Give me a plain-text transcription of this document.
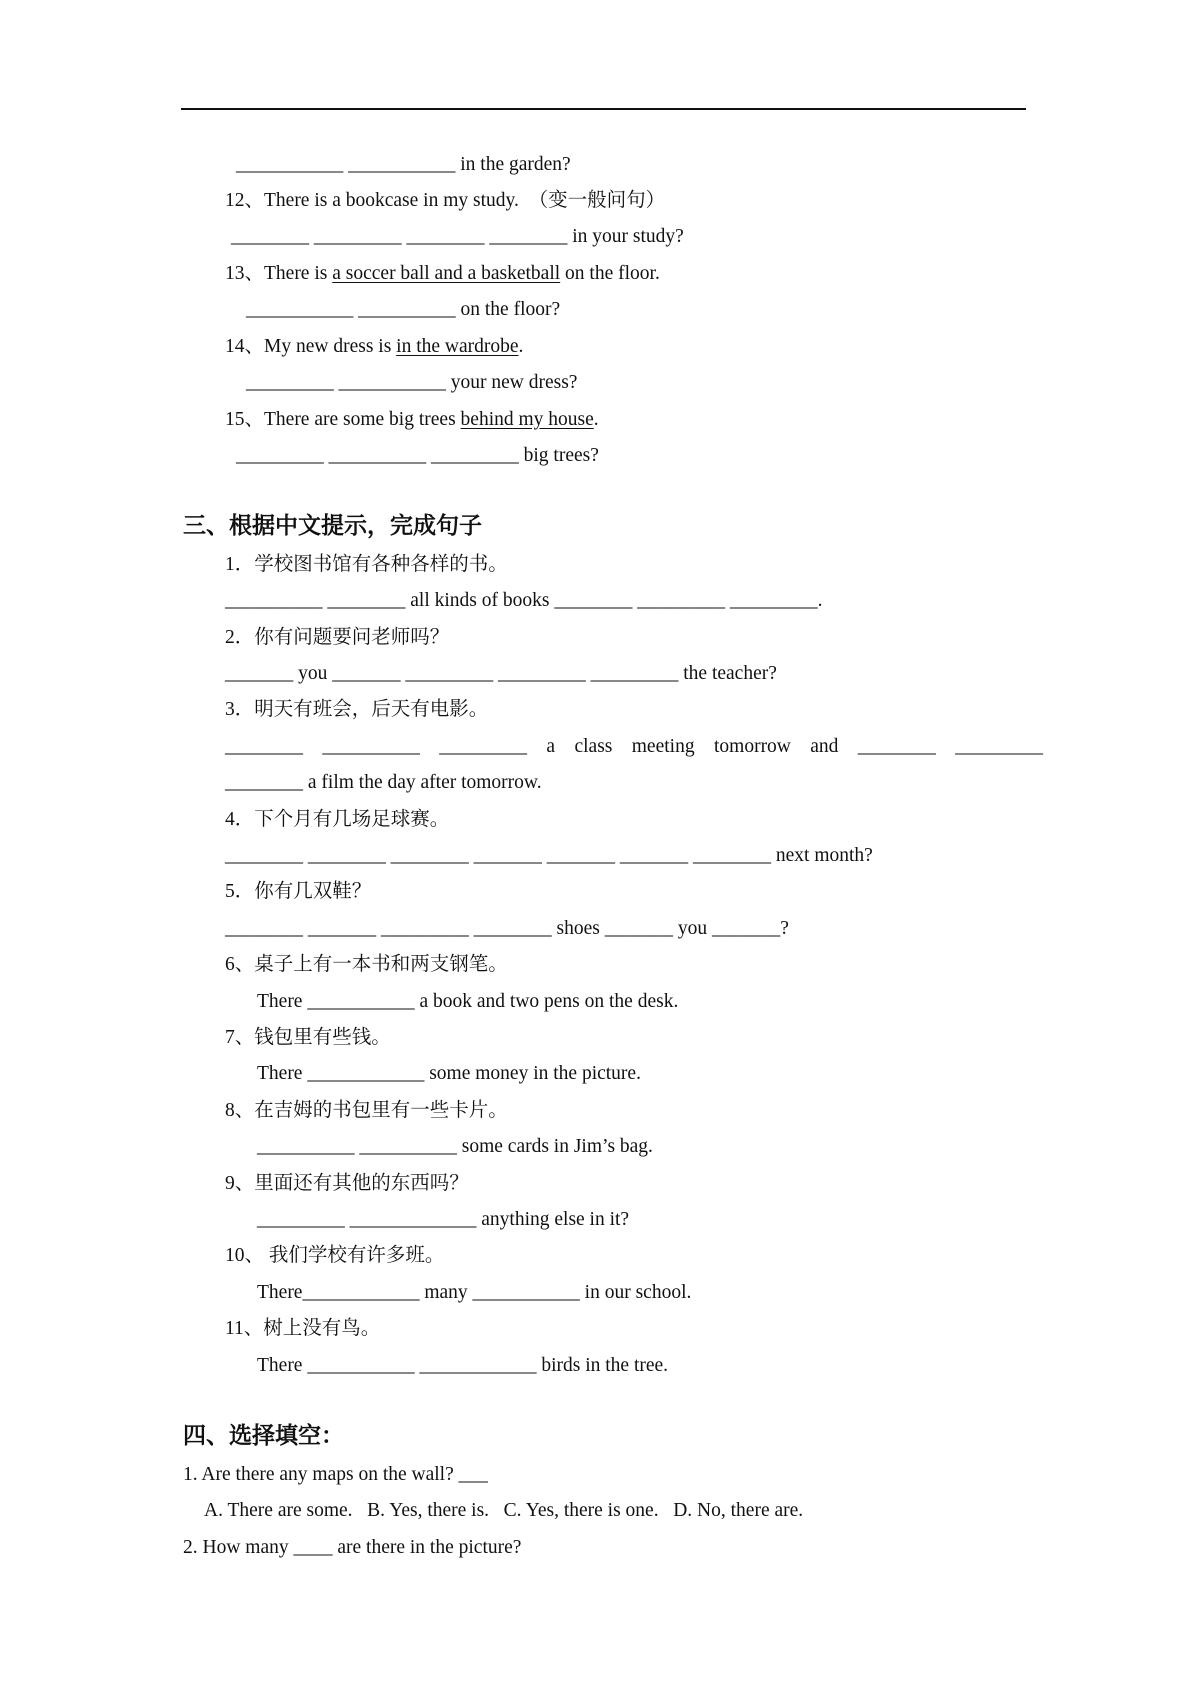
___________ ___________ in the garden?
12、There is a bookcase in my study.  （变一般问句）
________ _________ ________ ________ in your study?
13、There is a soccer ball and a basketball on the floor.
___________ __________ on the floor?
14、My new dress is in the wardrobe.
_________ ___________ your new dress?
15、There are some big trees behind my house.
_________ __________ _________ big trees?
三、根据中文提示，完成句子
1．学校图书馆有各种各样的书。
__________ ________ all kinds of books ________ _________ _________.
2．你有问题要问老师吗？
_______ you _______ _________ _________ _________ the teacher?
3．明天有班会，后天有电影。
________ __________ _________ a class meeting tomorrow and ________ _________
________ a film the day after tomorrow.
4．下个月有几场足球赛。
________ ________ ________ _______ _______ _______ ________ next month?
5．你有几双鞋？
________ _______ _________ ________ shoes _______ you _______?
6、桌子上有一本书和两支钢笔。
There ___________ a book and two pens on the desk.
7、钱包里有些钱。
There ____________ some money in the picture.
8、在吉姆的书包里有一些卡片。
__________ __________ some cards in Jim’s bag.
9、里面还有其他的东西吗？
_________ _____________ anything else in it?
10、 我们学校有许多班。
There____________ many ___________ in our school.
11、树上没有鸟。
There ___________ ____________ birds in the tree.
四、选择填空：
1. Are there any maps on the wall? ___
A. There are some.   B. Yes, there is.   C. Yes, there is one.   D. No, there are.
2. How many ____ are there in the picture?
